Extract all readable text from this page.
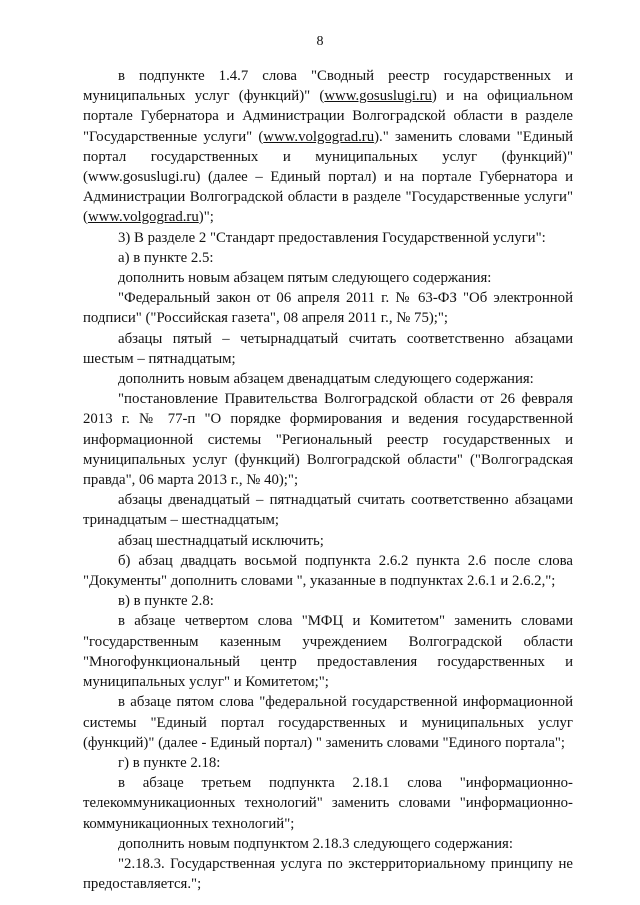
8

в подпункте 1.4.7 слова "Сводный реестр государственных и муниципальных услуг (функций)" (www.gosuslugi.ru) и на официальном портале Губернатора и Администрации Волгоградской области в разделе "Государственные услуги" (www.volgograd.ru)." заменить словами "Единый портал государственных и муниципальных услуг (функций)" (www.gosuslugi.ru) (далее – Единый портал) и на портале Губернатора и Администрации Волгоградской области в разделе "Государственные услуги" (www.volgograd.ru)";

3) В разделе 2 "Стандарт предоставления Государственной услуги":

а) в пункте 2.5:

дополнить новым абзацем пятым следующего содержания:

"Федеральный закон от 06 апреля 2011 г. № 63-ФЗ "Об электронной подписи" ("Российская газета", 08 апреля 2011 г., № 75);";

абзацы пятый – четырнадцатый считать соответственно абзацами шестым – пятнадцатым;

дополнить новым абзацем двенадцатым следующего содержания:

"постановление Правительства Волгоградской области от 26 февраля 2013 г. № 77-п "О порядке формирования и ведения государственной информационной системы "Региональный реестр государственных и муниципальных услуг (функций) Волгоградской области" ("Волгоградская правда", 06 марта 2013 г., № 40);";

абзацы двенадцатый – пятнадцатый считать соответственно абзацами тринадцатым – шестнадцатым;

абзац шестнадцатый исключить;

б) абзац двадцать восьмой подпункта 2.6.2 пункта 2.6 после слова "Документы" дополнить словами ", указанные в подпунктах 2.6.1 и 2.6.2,";

в) в пункте 2.8:

в абзаце четвертом слова "МФЦ и Комитетом" заменить словами "государственным казенным учреждением Волгоградской области "Многофункциональный центр предоставления государственных и муниципальных услуг" и Комитетом;";

в абзаце пятом слова "федеральной государственной информационной системы "Единый портал государственных и муниципальных услуг (функций)" (далее - Единый портал) " заменить словами "Единого портала";

г) в пункте 2.18:

в абзаце третьем подпункта 2.18.1 слова "информационно-телекоммуникационных технологий" заменить словами "информационно-коммуникационных технологий";

дополнить новым подпунктом 2.18.3 следующего содержания:

"2.18.3. Государственная услуга по экстерриториальному принципу не предоставляется.";
